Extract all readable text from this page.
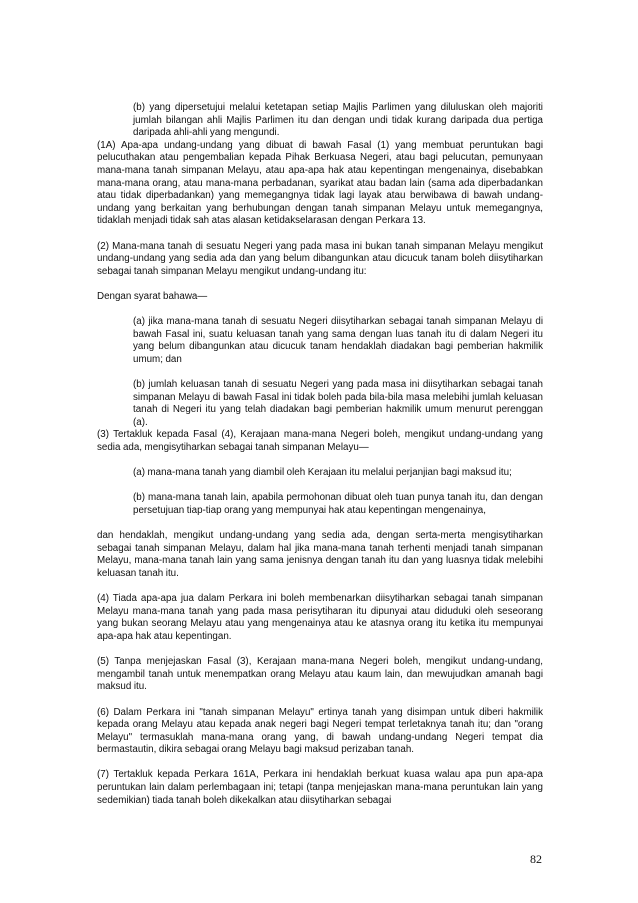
(b) yang dipersetujui melalui ketetapan setiap Majlis Parlimen yang diluluskan oleh majoriti jumlah bilangan ahli Majlis Parlimen itu dan dengan undi tidak kurang daripada dua pertiga daripada ahli-ahli yang mengundi.

(1A) Apa-apa undang-undang yang dibuat di bawah Fasal (1) yang membuat peruntukan bagi pelucuthakan atau pengembalian kepada Pihak Berkuasa Negeri, atau bagi pelucutan, pemunyaan mana-mana tanah simpanan Melayu, atau apa-apa hak atau kepentingan mengenainya, disebabkan mana-mana orang, atau mana-mana perbadanan, syarikat atau badan lain (sama ada diperbadankan atau tidak diperbadankan) yang memegangnya tidak lagi layak atau berwibawa di bawah undang-undang yang berkaitan yang berhubungan dengan tanah simpanan Melayu untuk memegangnya, tidaklah menjadi tidak sah atas alasan ketidakselarasan dengan Perkara 13.

(2) Mana-mana tanah di sesuatu Negeri yang pada masa ini bukan tanah simpanan Melayu mengikut undang-undang yang sedia ada dan yang belum dibangunkan atau dicucuk tanam boleh diisytiharkan sebagai tanah simpanan Melayu mengikut undang-undang itu:

Dengan syarat bahawa—

(a) jika mana-mana tanah di sesuatu Negeri diisytiharkan sebagai tanah simpanan Melayu di bawah Fasal ini, suatu keluasan tanah yang sama dengan luas tanah itu di dalam Negeri itu yang belum dibangunkan atau dicucuk tanam hendaklah diadakan bagi pemberian hakmilik umum; dan

(b) jumlah keluasan tanah di sesuatu Negeri yang pada masa ini diisytiharkan sebagai tanah simpanan Melayu di bawah Fasal ini tidak boleh pada bila-bila masa melebihi jumlah keluasan tanah di Negeri itu yang telah diadakan bagi pemberian hakmilik umum menurut perenggan (a).

(3) Tertakluk kepada Fasal (4), Kerajaan mana-mana Negeri boleh, mengikut undang-undang yang sedia ada, mengisytiharkan sebagai tanah simpanan Melayu—

(a) mana-mana tanah yang diambil oleh Kerajaan itu melalui perjanjian bagi maksud itu;

(b) mana-mana tanah lain, apabila permohonan dibuat oleh tuan punya tanah itu, dan dengan persetujuan tiap-tiap orang yang mempunyai hak atau kepentingan mengenainya,

dan hendaklah, mengikut undang-undang yang sedia ada, dengan serta-merta mengisytiharkan sebagai tanah simpanan Melayu, dalam hal jika mana-mana tanah terhenti menjadi tanah simpanan Melayu, mana-mana tanah lain yang sama jenisnya dengan tanah itu dan yang luasnya tidak melebihi keluasan tanah itu.

(4) Tiada apa-apa jua dalam Perkara ini boleh membenarkan diisytiharkan sebagai tanah simpanan Melayu mana-mana tanah yang pada masa perisytiharan itu dipunyai atau diduduki oleh seseorang yang bukan seorang Melayu atau yang mengenainya atau ke atasnya orang itu ketika itu mempunyai apa-apa hak atau kepentingan.

(5) Tanpa menjejaskan Fasal (3), Kerajaan mana-mana Negeri boleh, mengikut undang-undang, mengambil tanah untuk menempatkan orang Melayu atau kaum lain, dan mewujudkan amanah bagi maksud itu.

(6) Dalam Perkara ini "tanah simpanan Melayu" ertinya tanah yang disimpan untuk diberi hakmilik kepada orang Melayu atau kepada anak negeri bagi Negeri tempat terletaknya tanah itu; dan "orang Melayu" termasuklah mana-mana orang yang, di bawah undang-undang Negeri tempat dia bermastautin, dikira sebagai orang Melayu bagi maksud perizaban tanah.

(7) Tertakluk kepada Perkara 161A, Perkara ini hendaklah berkuat kuasa walau apa pun apa-apa peruntukan lain dalam perlembagaan ini; tetapi (tanpa menjejaskan mana-mana peruntukan lain yang sedemikian) tiada tanah boleh dikekalkan atau diisytiharkan sebagai

82
